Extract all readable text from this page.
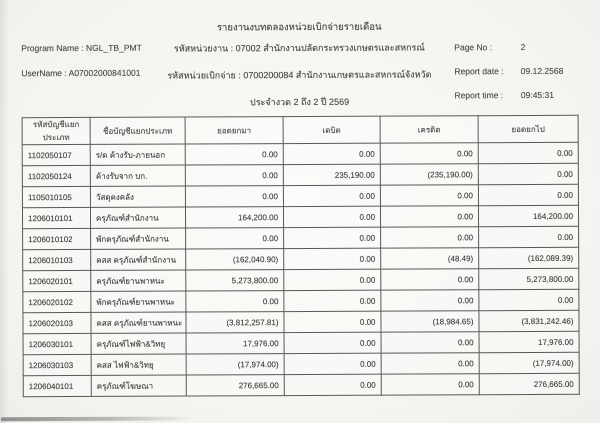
รายงานงบทดลองหน่วยเบิกจ่ายรายเดือน
Program Name : NGL_TB_PMT
UserName : A07002000841001
รหัสหน่วยงาน : 07002 สำนักงานปลัดกระทรวงเกษตรและสหกรณ์
รหัสหน่วยเบิกจ่าย : 0700200084 สำนักงานเกษตรและสหกรณ์จังหวัด
ประจำงวด 2 ถึง 2 ปี 2569
Page No :	2
Report date : 09.12.2568
Report time : 09:45:31
รหัสบัญชีแยกประเภท	ชื่อบัญชีแยกประเภท	ยอดยกมา	เดบิต	เครดิต	ยอดยกไป
1102050107	ร/ด ค้างรับ-ภายนอก	0.00	0.00	0.00	0.00
1102050124	ค้างรับจาก บก.	0.00	235,190.00	(235,190.00)	0.00
1105010105	วัสดุคงคลัง	0.00	0.00	0.00	0.00
1206010101	ครุภัณฑ์สำนักงาน	164,200.00	0.00	0.00	164,200.00
1206010102	พักครุภัณฑ์สำนักงาน	0.00	0.00	0.00	0.00
1206010103	คสส ครุภัณฑ์สำนักงาน	(162,040.90)	0.00	(48.49)	(162,089.39)
1206020101	ครุภัณฑ์ยานพาหนะ	5,273,800.00	0.00	0.00	5,273,800.00
1206020102	พักครุภัณฑ์ยานพาหนะ	0.00	0.00	0.00	0.00
1206020103	คสส ครุภัณฑ์ยานพาหนะ	(3,812,257.81)	0.00	(18,984.65)	(3,831,242.46)
1206030101	ครุภัณฑ์ไฟฟ้า&วิทยุ	17,976.00	0.00	0.00	17,976.00
1206030103	คสส ไฟฟ้า&วิทยุ	(17,974.00)	0.00	0.00	(17,974.00)
1206040101	ครุภัณฑ์โฆษณา	276,665.00	0.00	0.00	276,665.00
